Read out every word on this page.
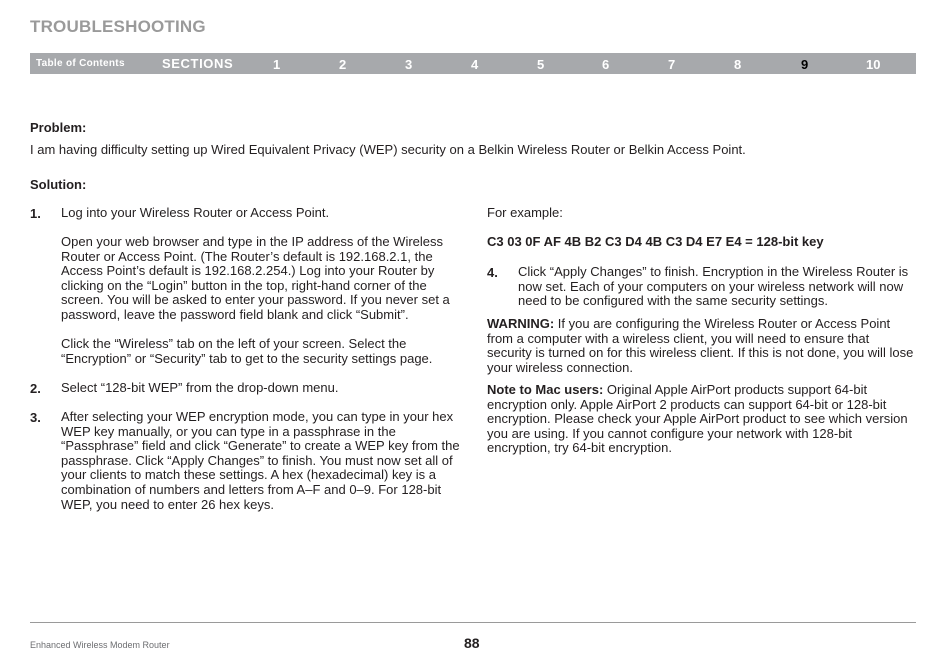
TROUBLESHOOTING
Table of Contents	SECTIONS	1	2	3	4	5	6	7	8	9	10

Problem:

I am having difficulty setting up Wired Equivalent Privacy (WEP) security on a Belkin Wireless Router or Belkin Access Point.

Solution:

1. Log into your Wireless Router or Access Point.

Open your web browser and type in the IP address of the Wireless Router or Access Point. (The Router’s default is 192.168.2.1, the Access Point’s default is 192.168.2.254.) Log into your Router by clicking on the “Login” button in the top, right-hand corner of the screen. You will be asked to enter your password. If you never set a password, leave the password field blank and click “Submit”.

Click the “Wireless” tab on the left of your screen. Select the “Encryption” or “Security” tab to get to the security settings page.

2. Select “128-bit WEP” from the drop-down menu.

3. After selecting your WEP encryption mode, you can type in your hex WEP key manually, or you can type in a passphrase in the “Passphrase” field and click “Generate” to create a WEP key from the passphrase. Click “Apply Changes” to finish. You must now set all of your clients to match these settings. A hex (hexadecimal) key is a combination of numbers and letters from A–F and 0–9. For 128-bit WEP, you need to enter 26 hex keys.

For example:

C3 03 0F AF 4B B2 C3 D4 4B C3 D4 E7 E4 = 128-bit key

4. Click “Apply Changes” to finish. Encryption in the Wireless Router is now set. Each of your computers on your wireless network will now need to be configured with the same security settings.

WARNING: If you are configuring the Wireless Router or Access Point from a computer with a wireless client, you will need to ensure that security is turned on for this wireless client. If this is not done, you will lose your wireless connection.

Note to Mac users: Original Apple AirPort products support 64-bit encryption only. Apple AirPort 2 products can support 64-bit or 128-bit encryption. Please check your Apple AirPort product to see which version you are using. If you cannot configure your network with 128-bit encryption, try 64-bit encryption.

Enhanced Wireless Modem Router	88
